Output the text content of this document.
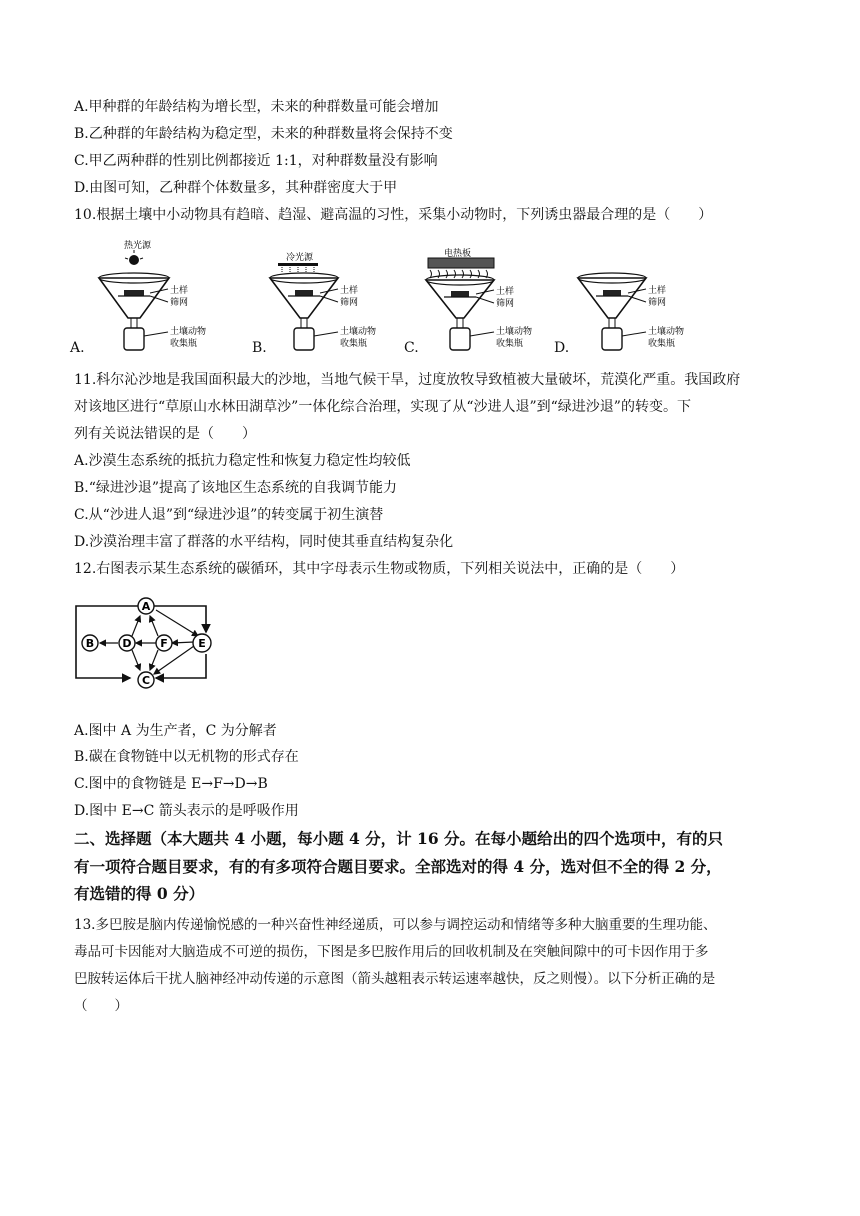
A.甲种群的年龄结构为增长型，未来的种群数量可能会增加
B.乙种群的年龄结构为稳定型，未来的种群数量将会保持不变
C.甲乙两种群的性别比例都接近 1:1，对种群数量没有影响
D.由图可知，乙种群个体数量多，其种群密度大于甲
10.根据土壤中小动物具有趋暗、趋湿、避高温的习性，采集小动物时，下列诱虫器最合理的是（　　）
A.
热光源
土样
筛网
土壤动物
收集瓶	B.
冷光源
土样
筛网
土壤动物
收集瓶	C.
电热板
土样
筛网
土壤动物
收集瓶 D.
土样
筛网
土壤动物
收集瓶
11.科尔沁沙地是我国面积最大的沙地，当地气候干旱，过度放牧导致植被大量破坏，荒漠化严重。我国政府
对该地区进行“草原山水林田湖草沙”一体化综合治理，实现了从“沙进人退”到“绿进沙退”的转变。下
列有关说法错误的是（　　）
A.沙漠生态系统的抵抗力稳定性和恢复力稳定性均较低
B.“绿进沙退”提高了该地区生态系统的自我调节能力
C.从“沙进人退”到“绿进沙退”的转变属于初生演替
D.沙漠治理丰富了群落的水平结构，同时使其垂直结构复杂化
12.右图表示某生态系统的碳循环，其中字母表示生物或物质，下列相关说法中，正确的是（　　）
A
B
C
D	E
F
A.图中 A 为生产者，C 为分解者
B.碳在食物链中以无机物的形式存在
C.图中的食物链是 E→F→D→B
D.图中 E→C 箭头表示的是呼吸作用
二、选择题（本大题共 4 小题，每小题 4 分，计 16 分。在每小题给出的四个选项中，有的只
有一项符合题目要求，有的有多项符合题目要求。全部选对的得 4 分，选对但不全的得 2 分，
有选错的得 0 分）
13.多巴胺是脑内传递愉悦感的一种兴奋性神经递质，可以参与调控运动和情绪等多种大脑重要的生理功能、
毒品可卡因能对大脑造成不可逆的损伤，下图是多巴胺作用后的回收机制及在突触间隙中的可卡因作用于多
巴胺转运体后干扰人脑神经冲动传递的示意图（箭头越粗表示转运速率越快，反之则慢）。以下分析正确的是
（　　）
